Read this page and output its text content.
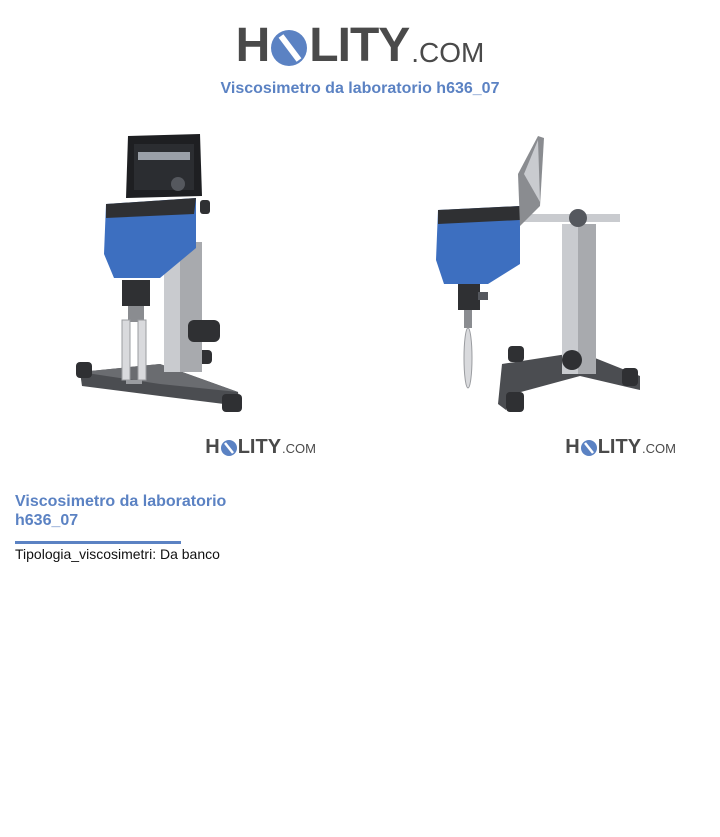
H LITY .COM
Viscosimetro da laboratorio h636_07
H LITY .COM	H LITY .COM
Viscosimetro da laboratorio h636_07

Tipologia_viscosimetri: Da banco
